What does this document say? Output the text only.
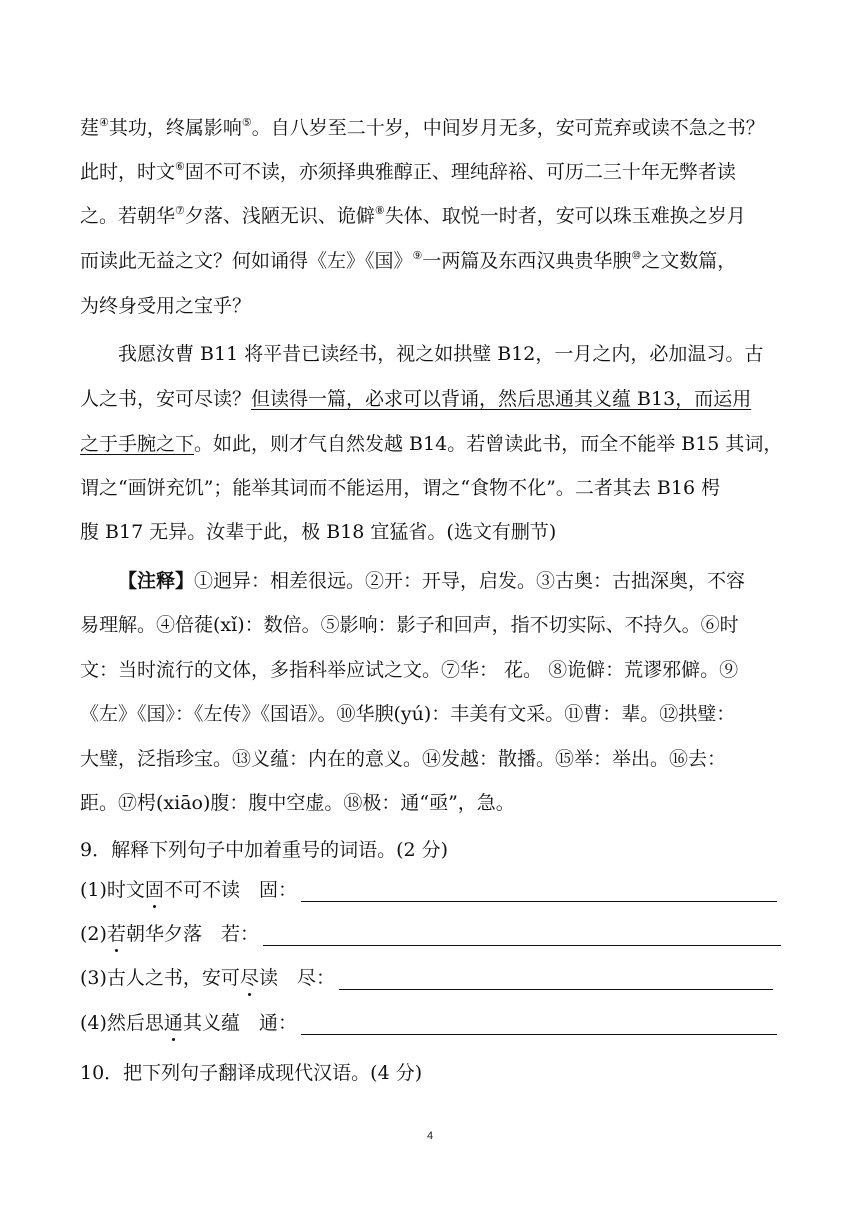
莛④其功，终属影响⑤。自八岁至二十岁，中间岁月无多，安可荒弃或读不急之书？
此时，时文⑥固不可不读，亦须择典雅醇正、理纯辞裕、可历二三十年无弊者读
之。若朝华⑦夕落、浅陋无识、诡僻⑧失体、取悦一时者，安可以珠玉难换之岁月
而读此无益之文？何如诵得《左》《国》⑨一两篇及东西汉典贵华腴⑩之文数篇，
为终身受用之宝乎？
我愿汝曹 B11 将平昔已读经书，视之如拱璧 B12，一月之内，必加温习。古
人之书，安可尽读？但读得一篇，必求可以背诵，然后思通其义蕴 B13，而运用
之于手腕之下。如此，则才气自然发越 B14。若曾读此书，而全不能举 B15 其词，
谓之“画饼充饥”；能举其词而不能运用，谓之“食物不化”。二者其去 B16 枵
腹 B17 无异。汝辈于此，极 B18 宜猛省。(选文有删节)
【注释】①迥异：相差很远。②开：开导，启发。③古奥：古拙深奥，不容
易理解。④倍蓰(xǐ)：数倍。⑤影响：影子和回声，指不切实际、不持久。⑥时
文：当时流行的文体，多指科举应试之文。⑦华： 花。 ⑧诡僻：荒谬邪僻。⑨
《左》《国》：《左传》《国语》。⑩华腴(yú)：丰美有文采。⑪曹：辈。⑫拱璧：
大璧，泛指珍宝。⑬义蕴：内在的意义。⑭发越：散播。⑮举：举出。⑯去：
距。⑰枵(xiāo)腹：腹中空虚。⑱极：通“亟”，急。
9．解释下列句子中加着重号的词语。(2 分)
(1)时文 固 不可不读　固：
(2) 若 朝华夕落　若：
(3)古人之书，安可 尽 读　尽：
(4)然后思 通 其义蕴　通：
10．把下列句子翻译成现代汉语。(4 分)
4
